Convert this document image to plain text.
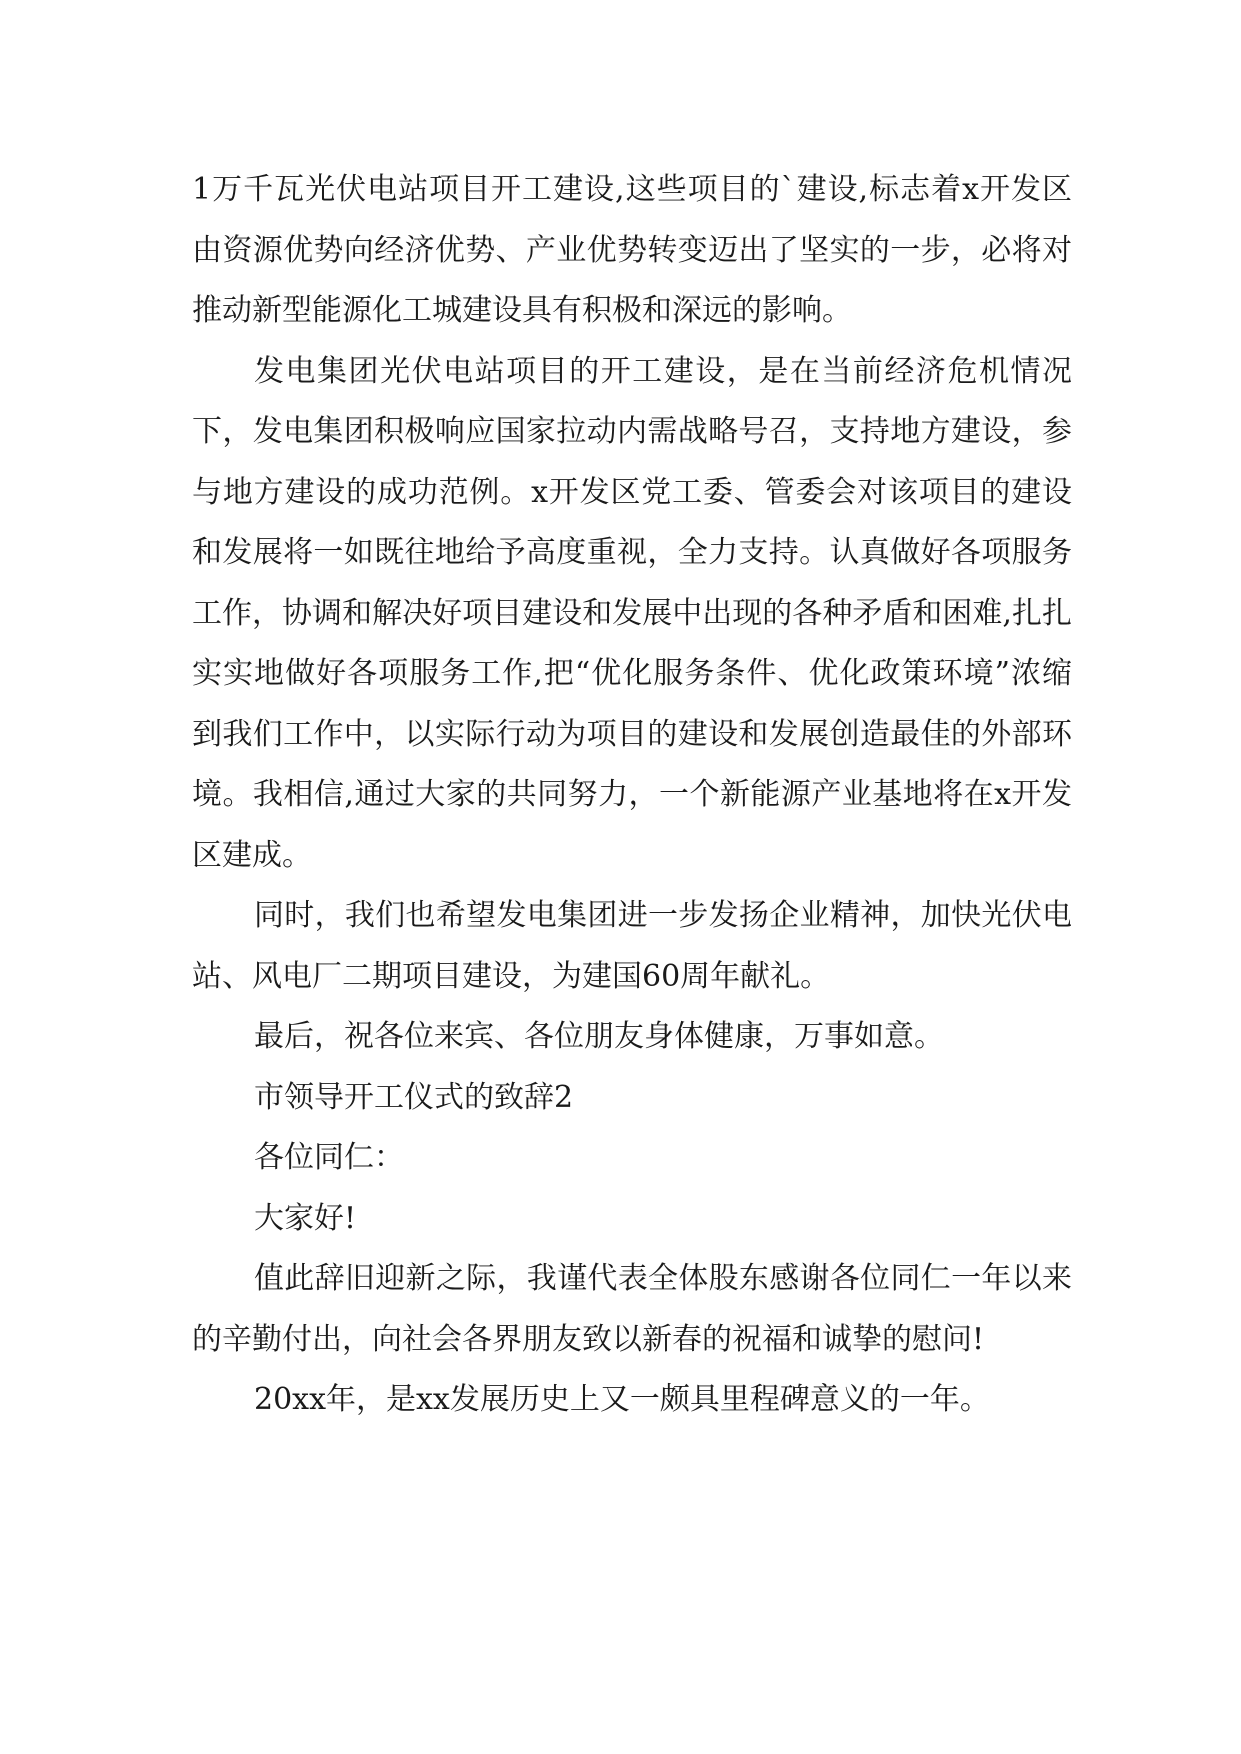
1万千瓦光伏电站项目开工建设,这些项目的`建设,标志着x开发区由资源优势向经济优势、产业优势转变迈出了坚实的一步，必将对推动新型能源化工城建设具有积极和深远的影响。

发电集团光伏电站项目的开工建设，是在当前经济危机情况下，发电集团积极响应国家拉动内需战略号召，支持地方建设，参与地方建设的成功范例。x开发区党工委、管委会对该项目的建设和发展将一如既往地给予高度重视，全力支持。认真做好各项服务工作，协调和解决好项目建设和发展中出现的各种矛盾和困难,扎扎实实地做好各项服务工作,把“优化服务条件、优化政策环境”浓缩到我们工作中，以实际行动为项目的建设和发展创造最佳的外部环境。我相信,通过大家的共同努力，一个新能源产业基地将在x开发区建成。

同时，我们也希望发电集团进一步发扬企业精神，加快光伏电站、风电厂二期项目建设，为建国60周年献礼。

最后，祝各位来宾、各位朋友身体健康，万事如意。

市领导开工仪式的致辞2

各位同仁：

大家好!

值此辞旧迎新之际，我谨代表全体股东感谢各位同仁一年以来的辛勤付出，向社会各界朋友致以新春的祝福和诚挚的慰问!

20xx年，是xx发展历史上又一颇具里程碑意义的一年。
